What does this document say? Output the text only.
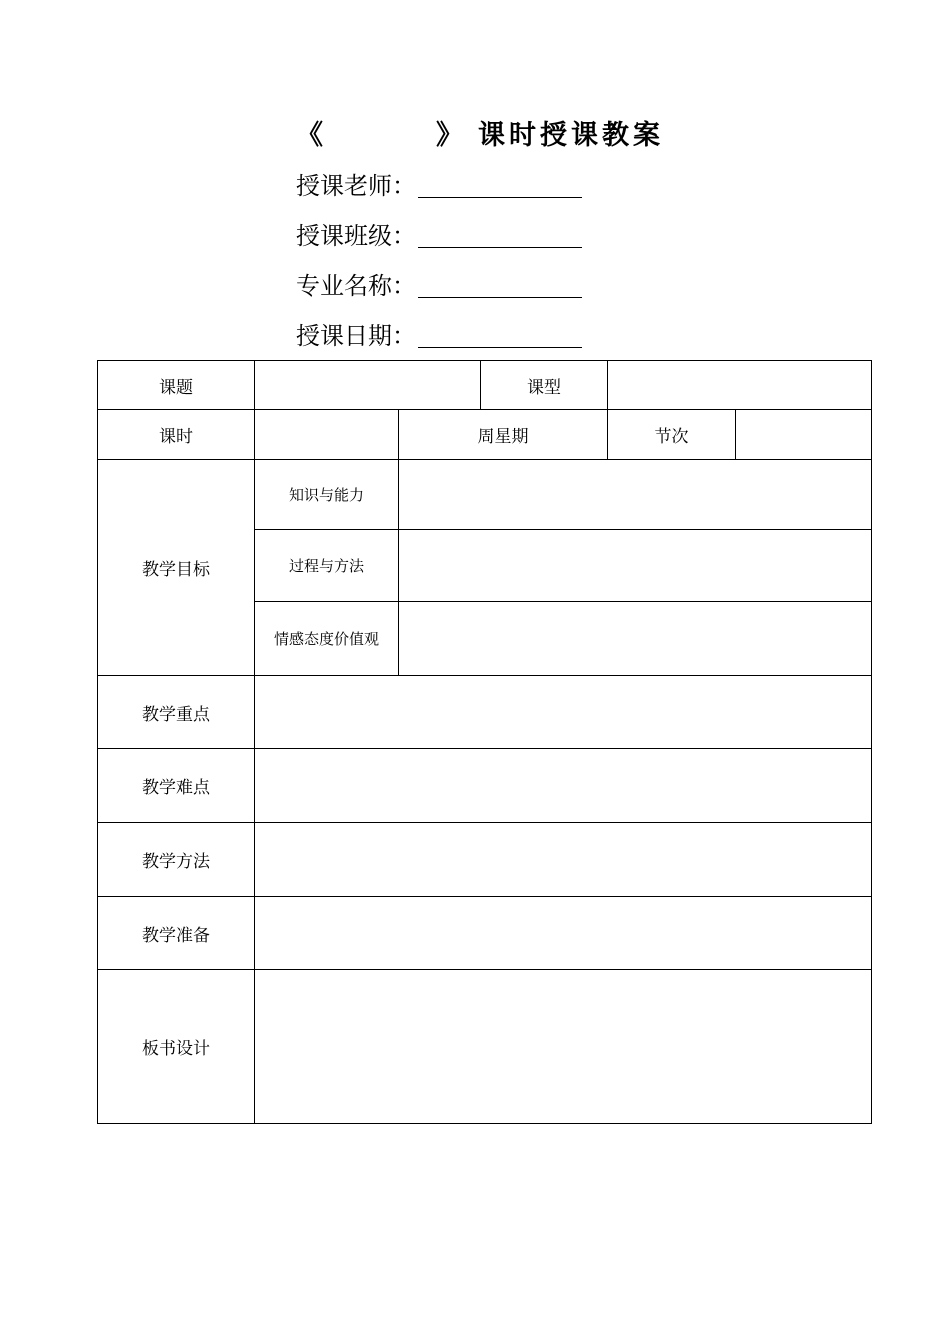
《	》 课时授课教案
授课老师：
授课班级：
专业名称：
授课日期：
课题			课型		
课时		周星期		节次	
教学目标	知识与能力				
	过程与方法				
	情感态度价值观				
教学重点					
教学难点					
教学方法					
教学准备					
板书设计					
